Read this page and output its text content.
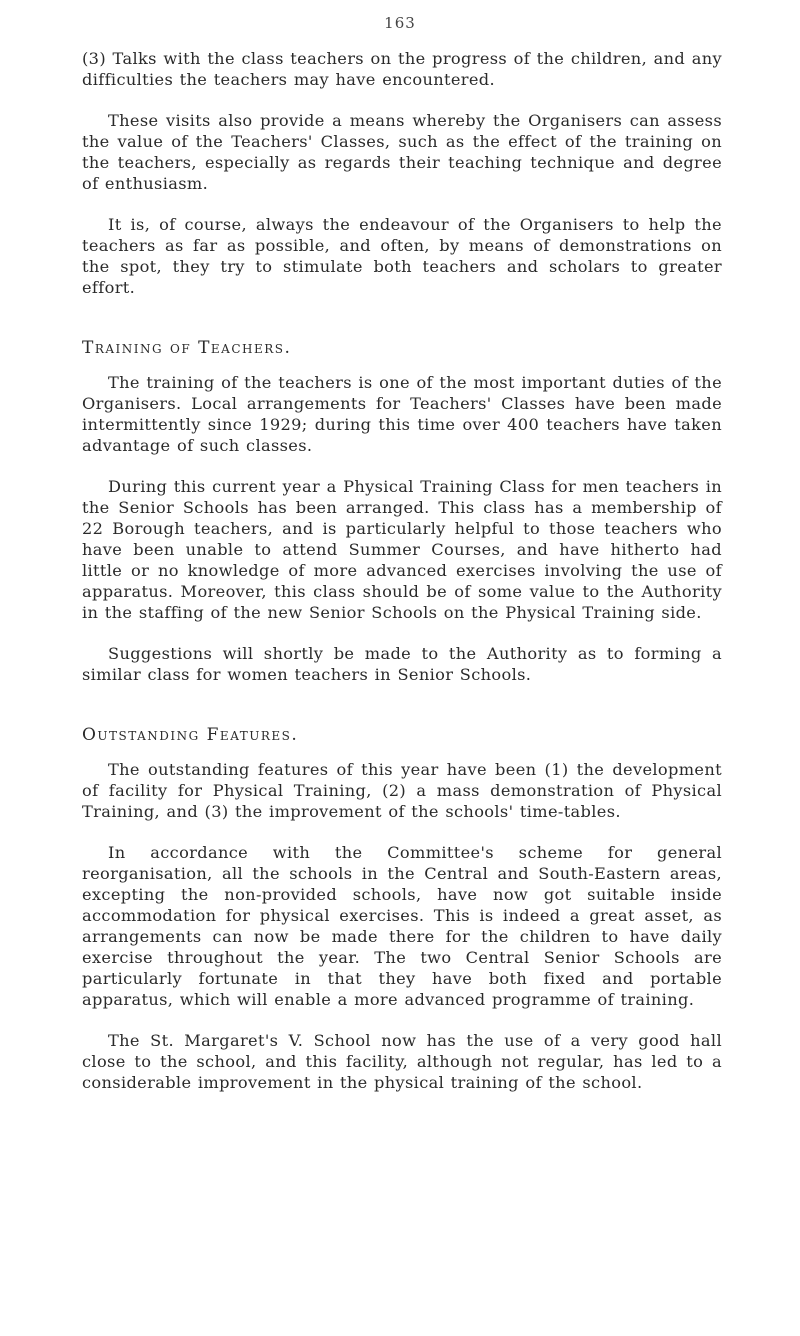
163

(3) Talks with the class teachers on the progress of the children, and any difficulties the teachers may have encountered.

These visits also provide a means whereby the Organisers can assess the value of the Teachers' Classes, such as the effect of the training on the teachers, especially as regards their teaching technique and degree of enthusiasm.

It is, of course, always the endeavour of the Organisers to help the teachers as far as possible, and often, by means of demonstrations on the spot, they try to stimulate both teachers and scholars to greater effort.

Training of Teachers.

The training of the teachers is one of the most important duties of the Organisers. Local arrangements for Teachers' Classes have been made intermittently since 1929; during this time over 400 teachers have taken advantage of such classes.

During this current year a Physical Training Class for men teachers in the Senior Schools has been arranged. This class has a membership of 22 Borough teachers, and is particularly helpful to those teachers who have been unable to attend Summer Courses, and have hitherto had little or no knowledge of more advanced exercises involving the use of apparatus. Moreover, this class should be of some value to the Authority in the staffing of the new Senior Schools on the Physical Training side.

Suggestions will shortly be made to the Authority as to forming a similar class for women teachers in Senior Schools.

Outstanding Features.

The outstanding features of this year have been (1) the development of facility for Physical Training, (2) a mass demonstration of Physical Training, and (3) the improvement of the schools' time-tables.

In accordance with the Committee's scheme for general reorganisation, all the schools in the Central and South-Eastern areas, excepting the non-provided schools, have now got suitable inside accommodation for physical exercises. This is indeed a great asset, as arrangements can now be made there for the children to have daily exercise throughout the year. The two Central Senior Schools are particularly fortunate in that they have both fixed and portable apparatus, which will enable a more advanced programme of training.

The St. Margaret's V. School now has the use of a very good hall close to the school, and this facility, although not regular, has led to a considerable improvement in the physical training of the school.
